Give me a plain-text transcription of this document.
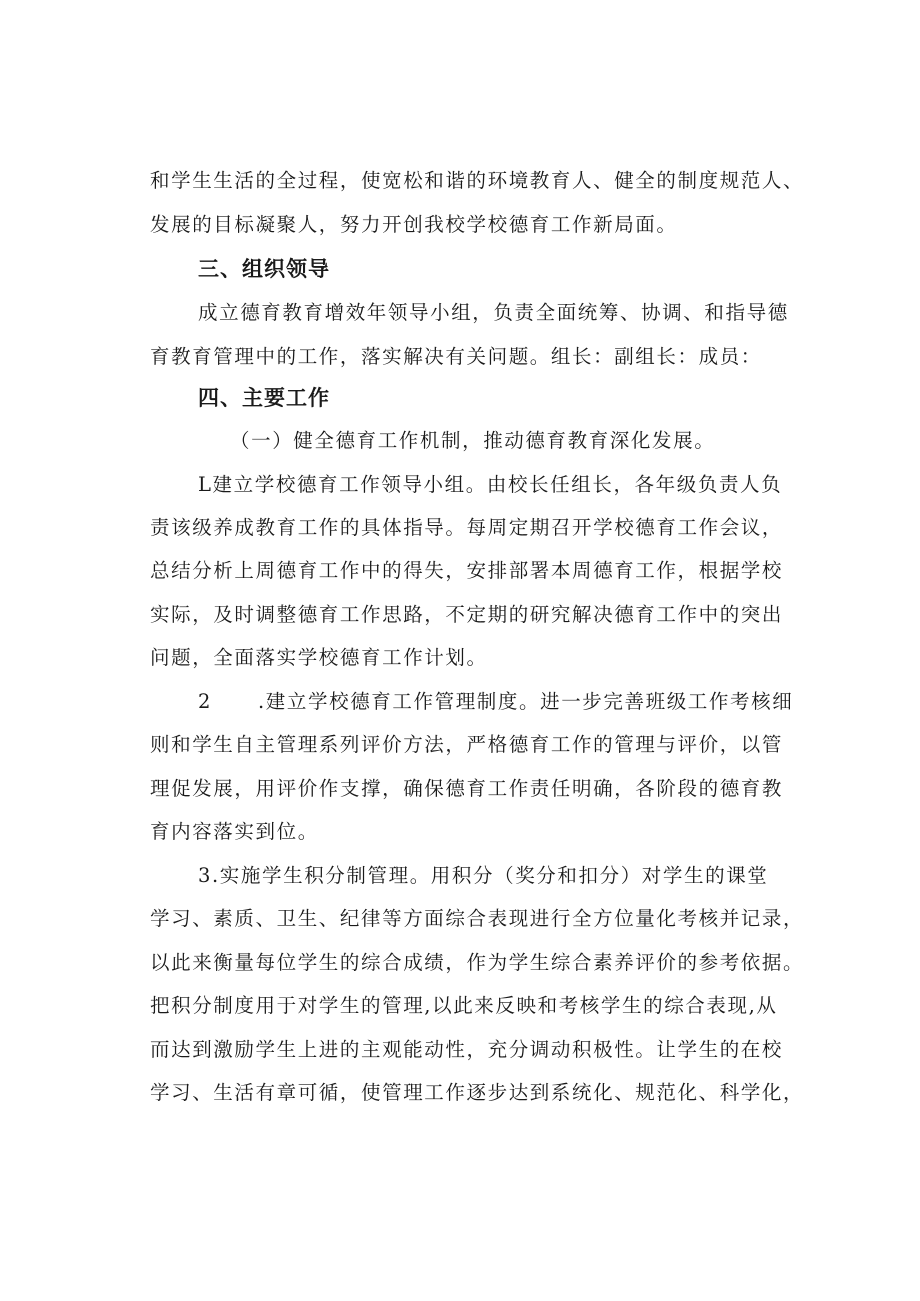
和学生生活的全过程，使宽松和谐的环境教育人、健全的制度规范人、
发展的目标凝聚人，努力开创我校学校德育工作新局面。
三、组织领导
成立德育教育增效年领导小组，负责全面统筹、协调、和指导德
育教育管理中的工作，落实解决有关问题。组长：副组长：成员：
四、主要工作
（一）健全德育工作机制，推动德育教育深化发展。
L建立学校德育工作领导小组。由校长任组长，各年级负责人负
责该级养成教育工作的具体指导。每周定期召开学校德育工作会议，
总结分析上周德育工作中的得失，安排部署本周德育工作，根据学校
实际，及时调整德育工作思路，不定期的研究解决德育工作中的突出
问题，全面落实学校德育工作计划。
2 .建立学校德育工作管理制度。进一步完善班级工作考核细
则和学生自主管理系列评价方法，严格德育工作的管理与评价，以管
理促发展，用评价作支撑，确保德育工作责任明确，各阶段的德育教
育内容落实到位。
3.实施学生积分制管理。用积分（奖分和扣分）对学生的课堂
学习、素质、卫生、纪律等方面综合表现进行全方位量化考核并记录，
以此来衡量每位学生的综合成绩，作为学生综合素养评价的参考依据。
把积分制度用于对学生的管理,以此来反映和考核学生的综合表现,从
而达到激励学生上进的主观能动性，充分调动积极性。让学生的在校
学习、生活有章可循，使管理工作逐步达到系统化、规范化、科学化，
